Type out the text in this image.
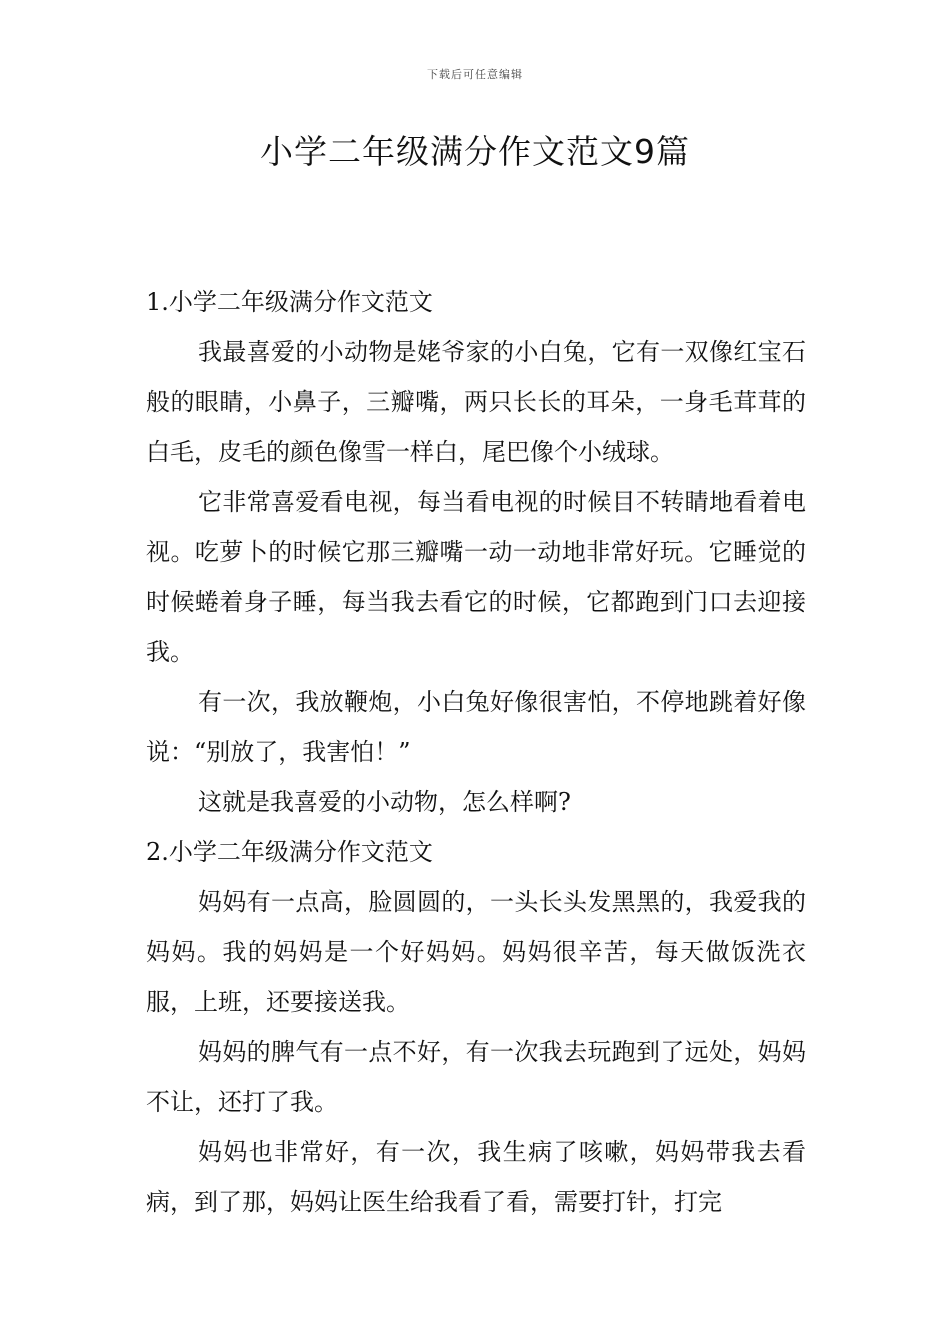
下载后可任意编辑
小学二年级满分作文范文9篇

1.小学二年级满分作文范文

我最喜爱的小动物是姥爷家的小白兔，它有一双像红宝石般的眼睛，小鼻子，三瓣嘴，两只长长的耳朵，一身毛茸茸的白毛，皮毛的颜色像雪一样白，尾巴像个小绒球。

它非常喜爱看电视，每当看电视的时候目不转睛地看着电视。吃萝卜的时候它那三瓣嘴一动一动地非常好玩。它睡觉的时候蜷着身子睡，每当我去看它的时候，它都跑到门口去迎接我。

有一次，我放鞭炮，小白兔好像很害怕，不停地跳着好像说：“别放了，我害怕！”

这就是我喜爱的小动物，怎么样啊?

2.小学二年级满分作文范文

妈妈有一点高，脸圆圆的，一头长头发黑黑的，我爱我的妈妈。我的妈妈是一个好妈妈。妈妈很辛苦，每天做饭洗衣服，上班，还要接送我。

妈妈的脾气有一点不好，有一次我去玩跑到了远处，妈妈不让，还打了我。

妈妈也非常好，有一次，我生病了咳嗽，妈妈带我去看病，到了那，妈妈让医生给我看了看，需要打针，打完
